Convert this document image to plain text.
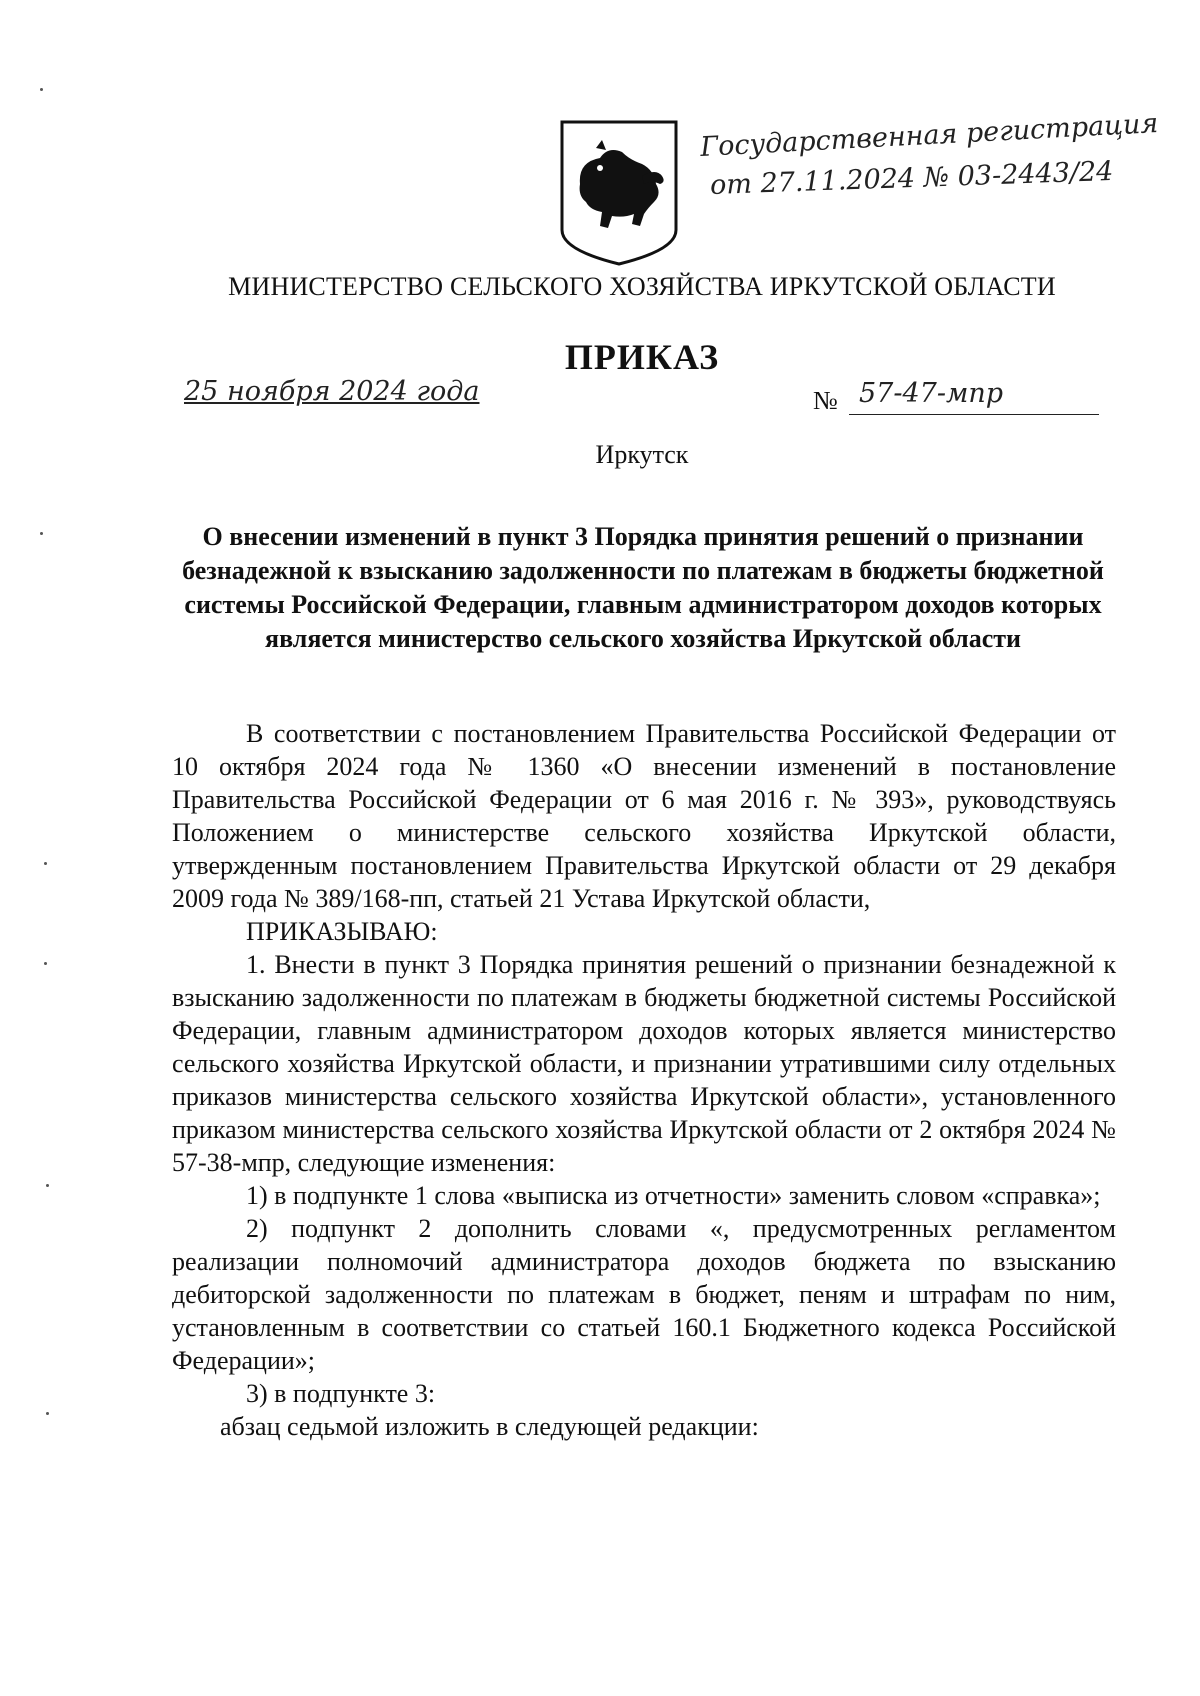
Государственная регистрация
от 27.11.2024 № 03-2443/24
МИНИСТЕРСТВО СЕЛЬСКОГО ХОЗЯЙСТВА ИРКУТСКОЙ ОБЛАСТИ
ПРИКАЗ
25 ноября 2024 года	№ 57-47-мпр
Иркутск
О внесении изменений в пункт 3 Порядка принятия решений о признании безнадежной к взысканию задолженности по платежам в бюджеты бюджетной системы Российской Федерации, главным администратором доходов которых является министерство сельского хозяйства Иркутской области

В соответствии с постановлением Правительства Российской Федерации от 10 октября 2024 года № 1360 «О внесении изменений в постановление Правительства Российской Федерации от 6 мая 2016 г. № 393», руководствуясь Положением о министерстве сельского хозяйства Иркутской области, утвержденным постановлением Правительства Иркутской области от 29 декабря 2009 года № 389/168-пп, статьей 21 Устава Иркутской области,

ПРИКАЗЫВАЮ:

1. Внести в пункт 3 Порядка принятия решений о признании безнадежной к взысканию задолженности по платежам в бюджеты бюджетной системы Российской Федерации, главным администратором доходов которых является министерство сельского хозяйства Иркутской области, и признании утратившими силу отдельных приказов министерства сельского хозяйства Иркутской области», установленного приказом министерства сельского хозяйства Иркутской области от 2 октября 2024 № 57-38-мпр, следующие изменения:

1) в подпункте 1 слова «выписка из отчетности» заменить словом «справка»;

2) подпункт 2 дополнить словами «, предусмотренных регламентом реализации полномочий администратора доходов бюджета по взысканию дебиторской задолженности по платежам в бюджет, пеням и штрафам по ним, установленным в соответствии со статьей 160.1 Бюджетного кодекса Российской Федерации»;

3) в подпункте 3:

абзац седьмой изложить в следующей редакции:
